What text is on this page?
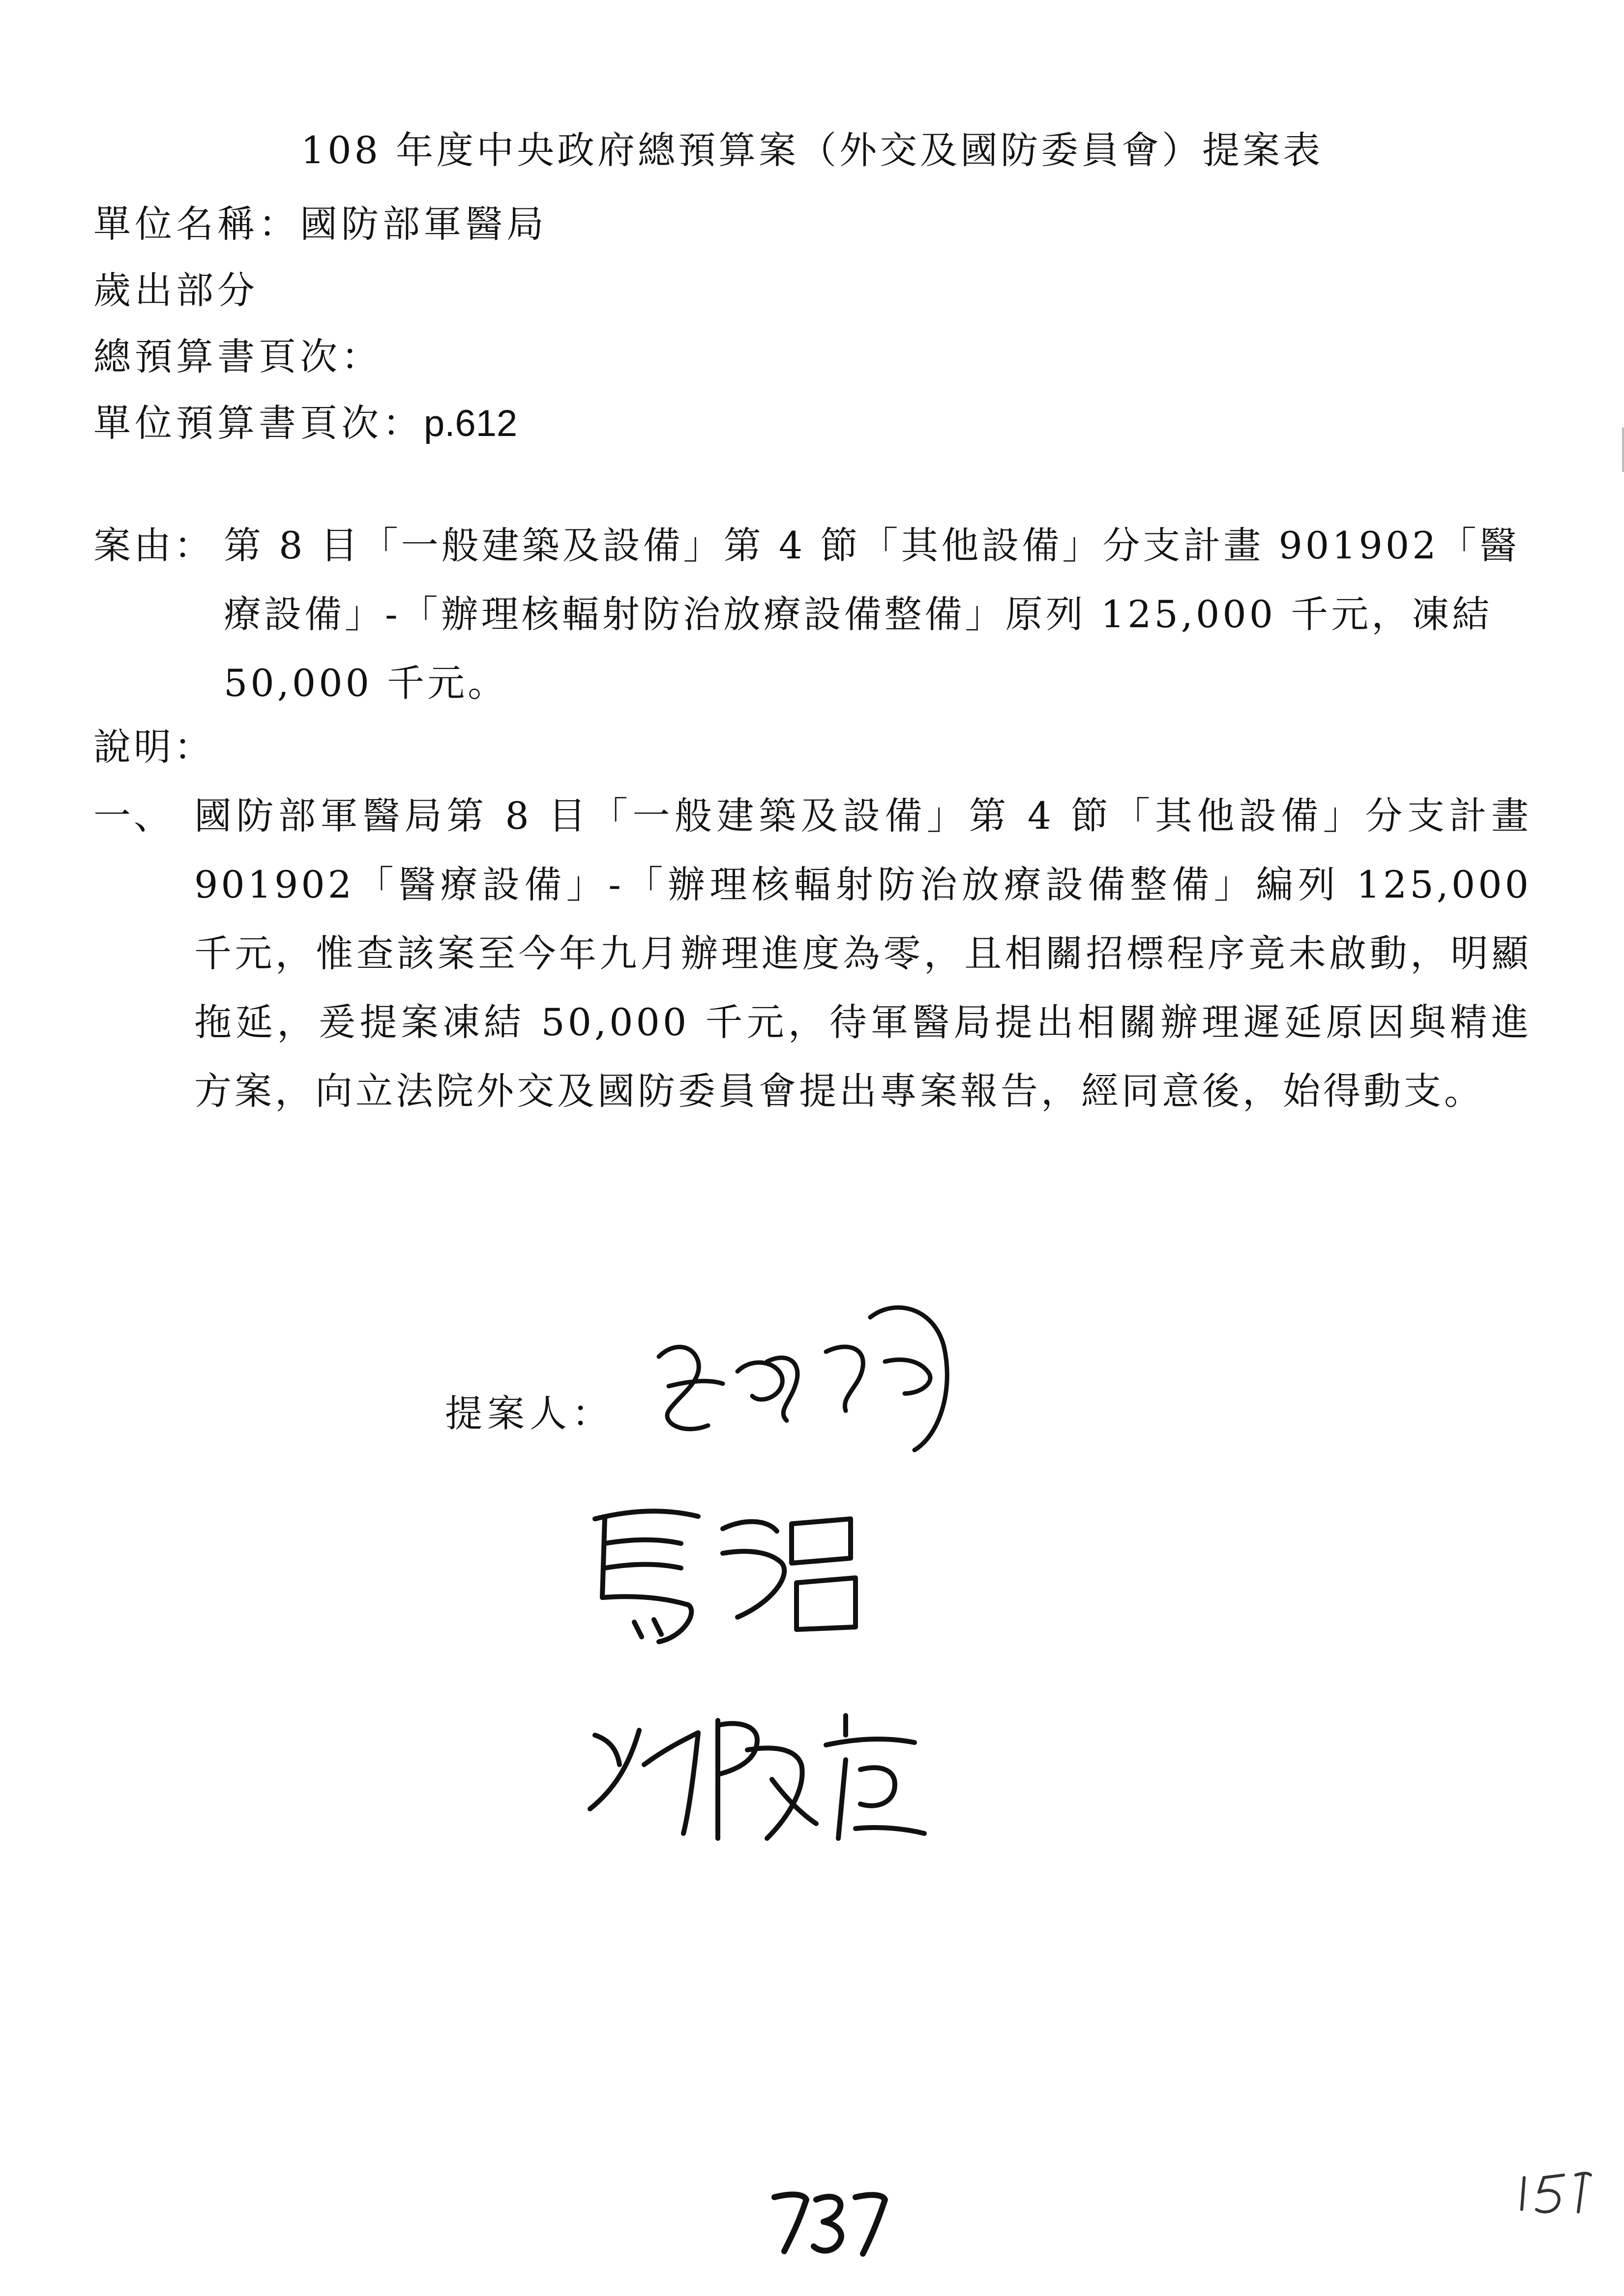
108 年度中央政府總預算案（外交及國防委員會）提案表
單位名稱：國防部軍醫局
歲出部分
總預算書頁次：
單位預算書頁次：p.612
案由： 第 8 目「一般建築及設備」第 4 節「其他設備」分支計畫 901902「醫療設備」-「辦理核輻射防治放療設備整備」原列 125,000 千元，凍結 50,000 千元。
說明：
一、 國防部軍醫局第 8 目「一般建築及設備」第 4 節「其他設備」分支計畫 901902「醫療設備」-「辦理核輻射防治放療設備整備」編列 125,000 千元，惟查該案至今年九月辦理進度為零，且相關招標程序竟未啟動，明顯拖延，爰提案凍結 50,000 千元，待軍醫局提出相關辦理遲延原因與精進方案，向立法院外交及國防委員會提出專案報告，經同意後，始得動支。
提案人：
